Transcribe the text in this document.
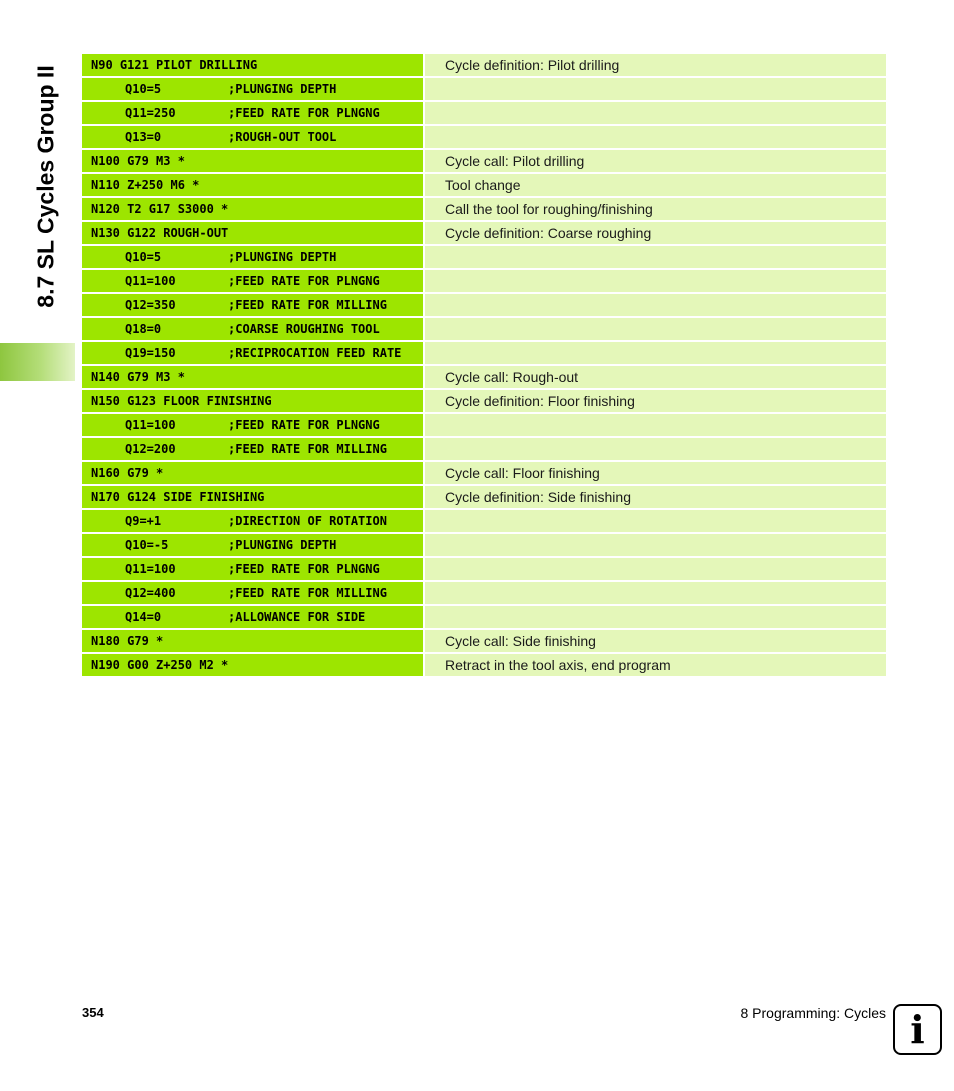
8.7 SL Cycles Group II	N90 G121 PILOT DRILLING	Cycle definition: Pilot drilling
Q10=5	;PLUNGING DEPTH
Q11=250	;FEED RATE FOR PLNGNG
Q13=0	;ROUGH-OUT TOOL
N100 G79 M3 *	Cycle call: Pilot drilling
N110 Z+250 M6 *	Tool change
N120 T2 G17 S3000 *	Call the tool for roughing/finishing
N130 G122 ROUGH-OUT	Cycle definition: Coarse roughing
Q10=5	;PLUNGING DEPTH
Q11=100	;FEED RATE FOR PLNGNG
Q12=350	;FEED RATE FOR MILLING
Q18=0	;COARSE ROUGHING TOOL
Q19=150	;RECIPROCATION FEED RATE
N140 G79 M3 *	Cycle call: Rough-out
N150 G123 FLOOR FINISHING	Cycle definition: Floor finishing
Q11=100	;FEED RATE FOR PLNGNG
Q12=200	;FEED RATE FOR MILLING
N160 G79 *	Cycle call: Floor finishing
N170 G124 SIDE FINISHING	Cycle definition: Side finishing
Q9=+1	;DIRECTION OF ROTATION
Q10=-5	;PLUNGING DEPTH
Q11=100	;FEED RATE FOR PLNGNG
Q12=400	;FEED RATE FOR MILLING
Q14=0	;ALLOWANCE FOR SIDE
N180 G79 *	Cycle call: Side finishing
N190 G00 Z+250 M2 *	Retract in the tool axis, end program
354	8 Programming: Cycles i
